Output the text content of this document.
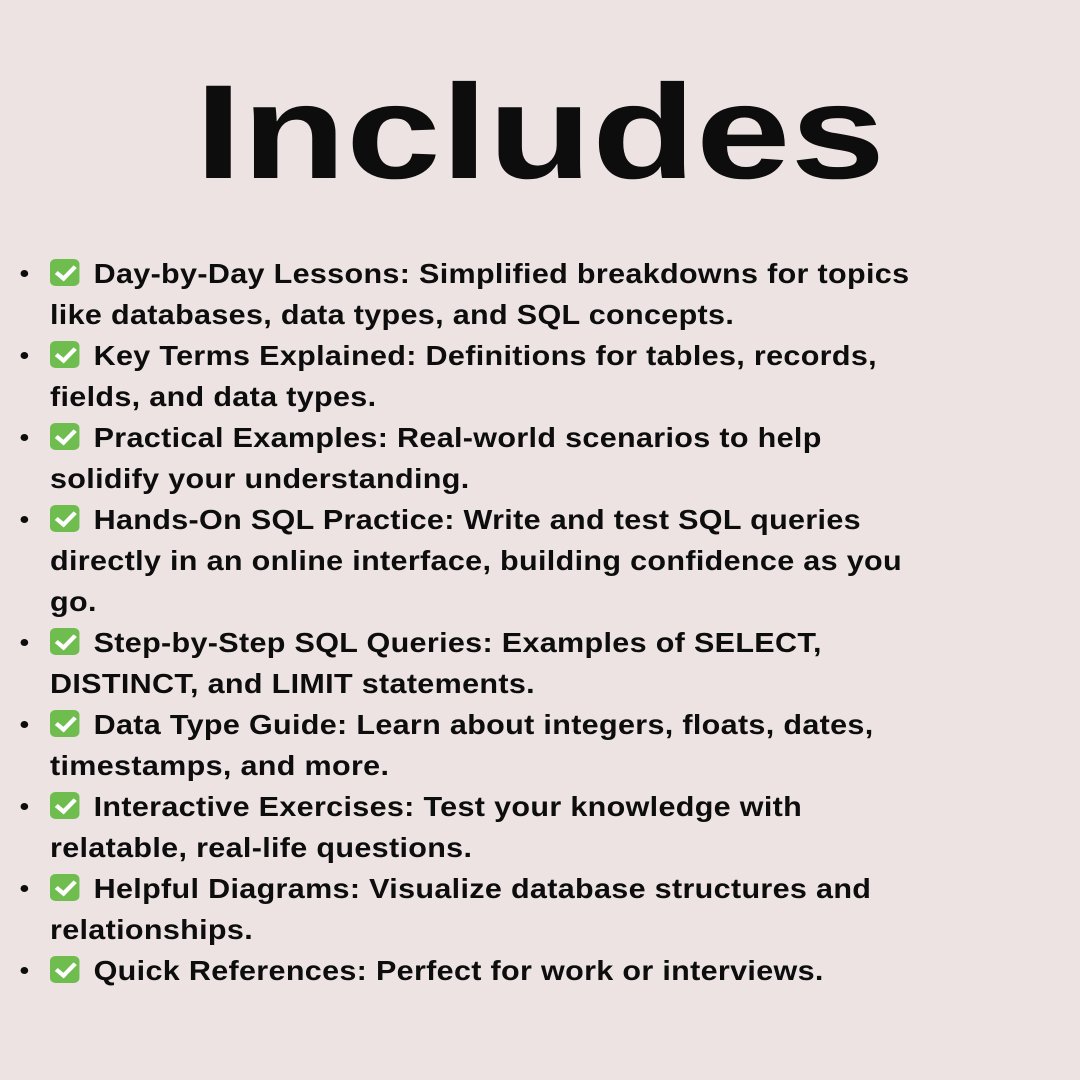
Includes
Day-by-Day Lessons: Simplified breakdowns for topics
like databases, data types, and SQL concepts.
Key Terms Explained: Definitions for tables, records,
fields, and data types.
Practical Examples: Real-world scenarios to help
solidify your understanding.
Hands-On SQL Practice: Write and test SQL queries
directly in an online interface, building confidence as you
go.
Step-by-Step SQL Queries: Examples of SELECT,
DISTINCT, and LIMIT statements.
Data Type Guide: Learn about integers, floats, dates,
timestamps, and more.
Interactive Exercises: Test your knowledge with
relatable, real-life questions.
Helpful Diagrams: Visualize database structures and
relationships.
Quick References: Perfect for work or interviews.
